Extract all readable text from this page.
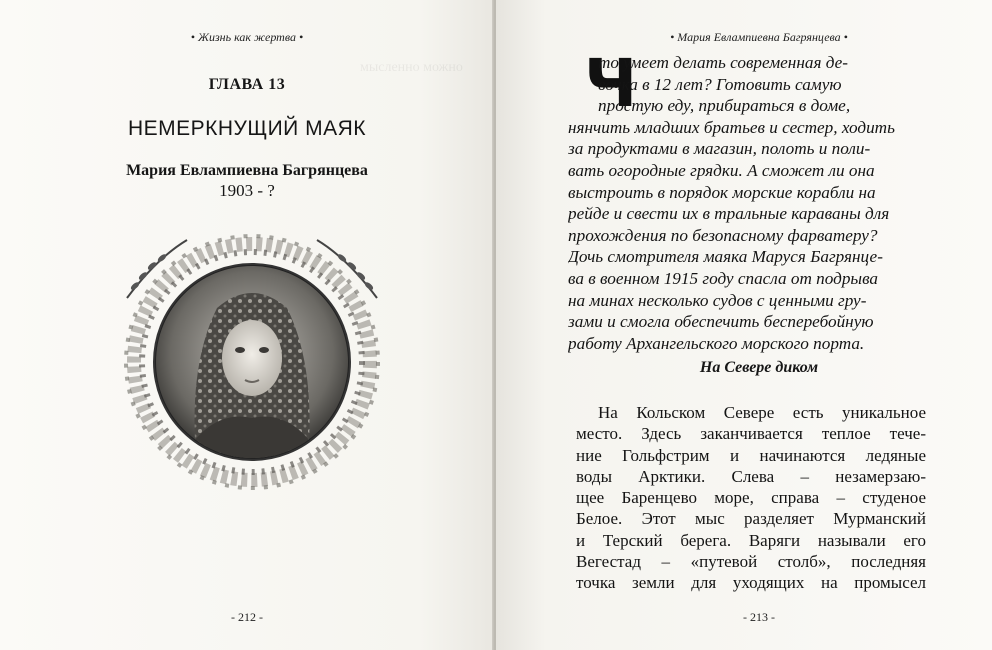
• Жизнь как жертва •
ГЛАВА 13
НЕМЕРКНУЩИЙ МАЯК
Мария Евлампиевна Багрянцева
1903 - ?
мысленно можно
- 212 -
• Мария Евлампиевна Багрянцева •
Ч
то умеет делать современная де-
вочка в 12 лет? Готовить самую
простую еду, прибираться в доме,
нянчить младших братьев и сестер, ходить
за продуктами в магазин, полоть и поли-
вать огородные грядки. А сможет ли она
выстроить в порядок морские корабли на
рейде и свести их в тральные караваны для
прохождения по безопасному фарватеру?
Дочь смотрителя маяка Маруся Багрянце-
ва в военном 1915 году спасла от подрыва
на минах несколько судов с ценными гру-
зами и смогла обеспечить бесперебойную
работу Архангельского морского порта.
На Севере диком
На Кольском Севере есть уникальное
место. Здесь заканчивается теплое тече-
ние Гольфстрим и начинаются ледяные
воды Арктики. Слева – незамерзаю-
щее Баренцево море, справа – студеное
Белое. Этот мыс разделяет Мурманский
и Терский берега. Варяги называли его
Вегестад – «путевой столб», последняя
точка земли для уходящих на промысел
- 213 -
